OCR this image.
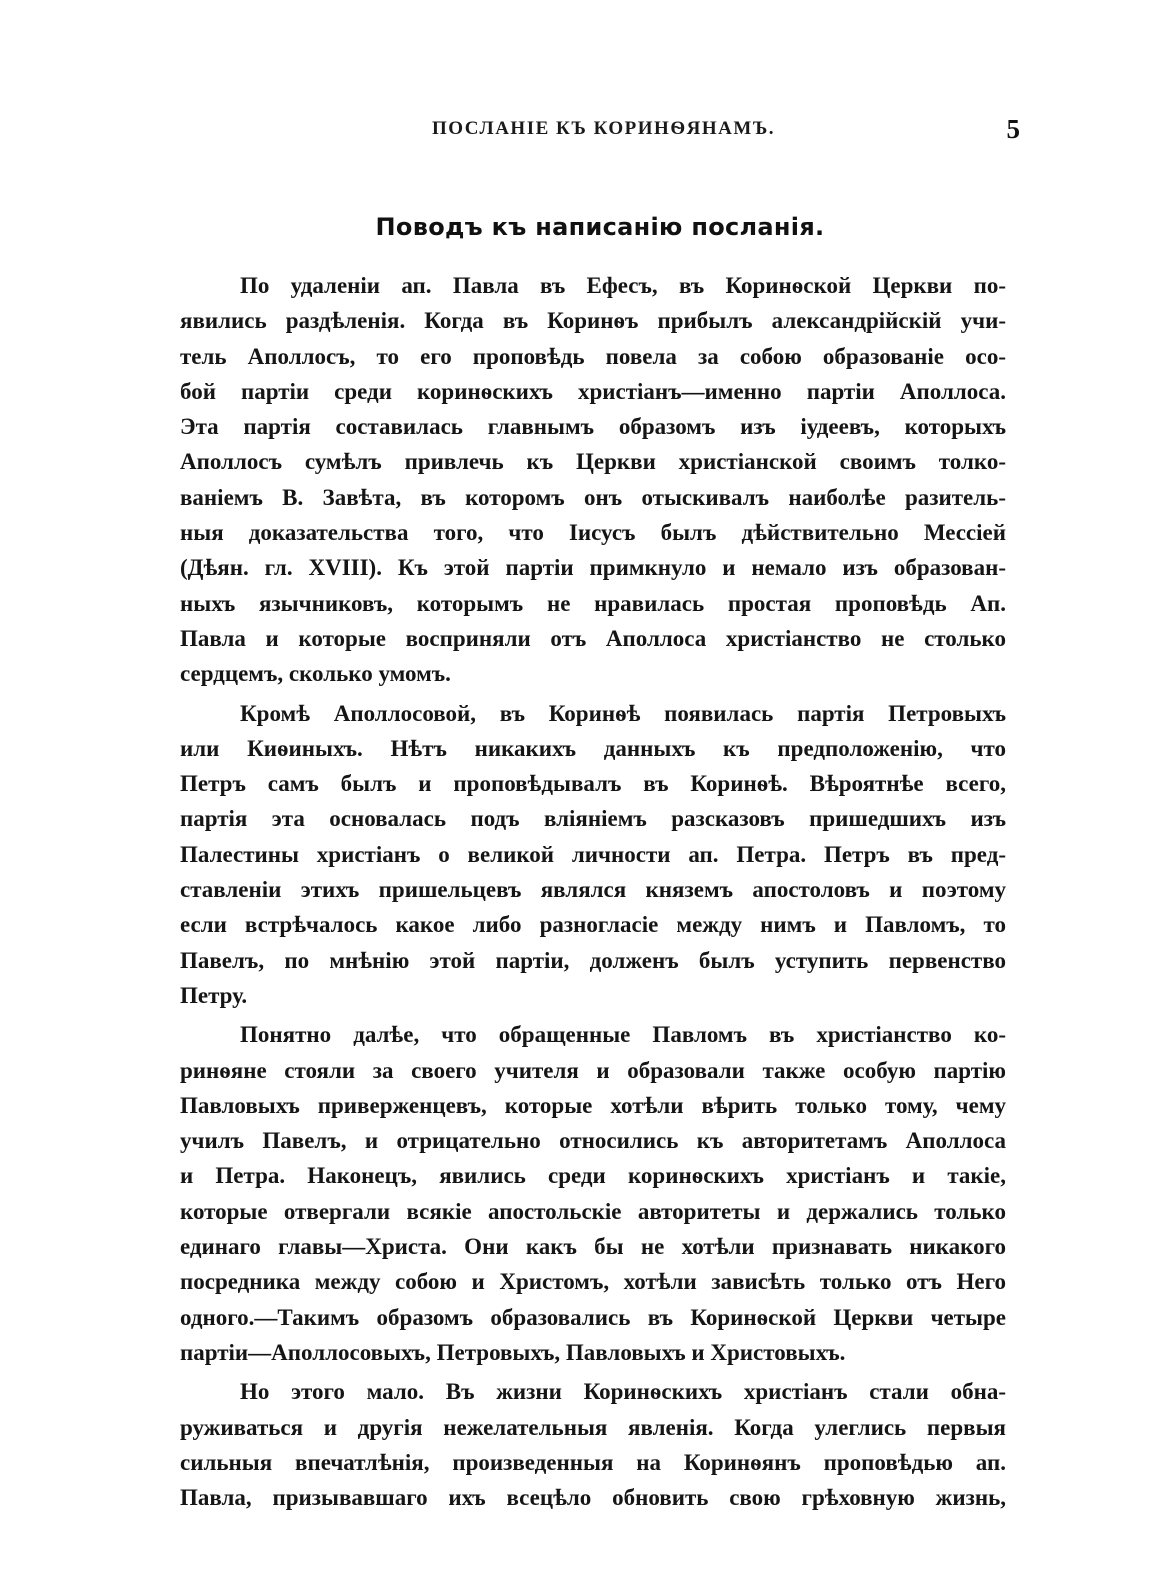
ПОСЛАНІЕ КЪ КОРИНѲЯНАМЪ.	5
Поводъ къ написанію посланія.
По удаленіи ап. Павла въ Ефесъ, въ Коринѳской Церкви по-
явились раздѣленія. Когда въ Коринѳъ прибылъ александрійскій учи-
тель Аполлосъ, то его проповѣдь повела за собою образованіе осо-
бой партіи среди коринѳскихъ христіанъ—именно партіи Аполлоса.
Эта партія составилась главнымъ образомъ изъ іудеевъ, которыхъ
Аполлосъ сумѣлъ привлечь къ Церкви христіанской своимъ толко-
ваніемъ В. Завѣта, въ которомъ онъ отыскивалъ наиболѣе разитель-
ныя доказательства того, что Іисусъ былъ дѣйствительно Мессіей
(Дѣян. гл. XVIII). Къ этой партіи примкнуло и немало изъ образован-
ныхъ язычниковъ, которымъ не нравилась простая проповѣдь Ап.
Павла и которые восприняли отъ Аполлоса христіанство не столько
сердцемъ, сколько умомъ.
Кромѣ Аполлосовой, въ Коринѳѣ появилась партія Петровыхъ
или Киѳиныхъ. Нѣтъ никакихъ данныхъ къ предположенію, что
Петръ самъ былъ и проповѣдывалъ въ Коринѳѣ. Вѣроятнѣе всего,
партія эта основалась подъ вліяніемъ разсказовъ пришедшихъ изъ
Палестины христіанъ о великой личности ап. Петра. Петръ въ пред-
ставленіи этихъ пришельцевъ являлся княземъ апостоловъ и поэтому
если встрѣчалось какое либо разногласіе между нимъ и Павломъ, то
Павелъ, по мнѣнію этой партіи, долженъ былъ уступить первенство
Петру.
Понятно далѣе, что обращенные Павломъ въ христіанство ко-
ринѳяне стояли за своего учителя и образовали также особую партію
Павловыхъ приверженцевъ, которые хотѣли вѣрить только тому, чему
училъ Павелъ, и отрицательно относились къ авторитетамъ Аполлоса
и Петра. Наконецъ, явились среди коринѳскихъ христіанъ и такіе,
которые отвергали всякіе апостольскіе авторитеты и держались только
единаго главы—Христа. Они какъ бы не хотѣли признавать никакого
посредника между собою и Христомъ, хотѣли зависѣть только отъ Него
одного.—Такимъ образомъ образовались въ Коринѳской Церкви четыре
партіи—Аполлосовыхъ, Петровыхъ, Павловыхъ и Христовыхъ.
Но этого мало. Въ жизни Коринѳскихъ христіанъ стали обна-
руживаться и другія нежелательныя явленія. Когда улеглись первыя
сильныя впечатлѣнія, произведенныя на Коринѳянъ проповѣдью ап.
Павла, призывавшаго ихъ всецѣло обновить свою грѣховную жизнь,
